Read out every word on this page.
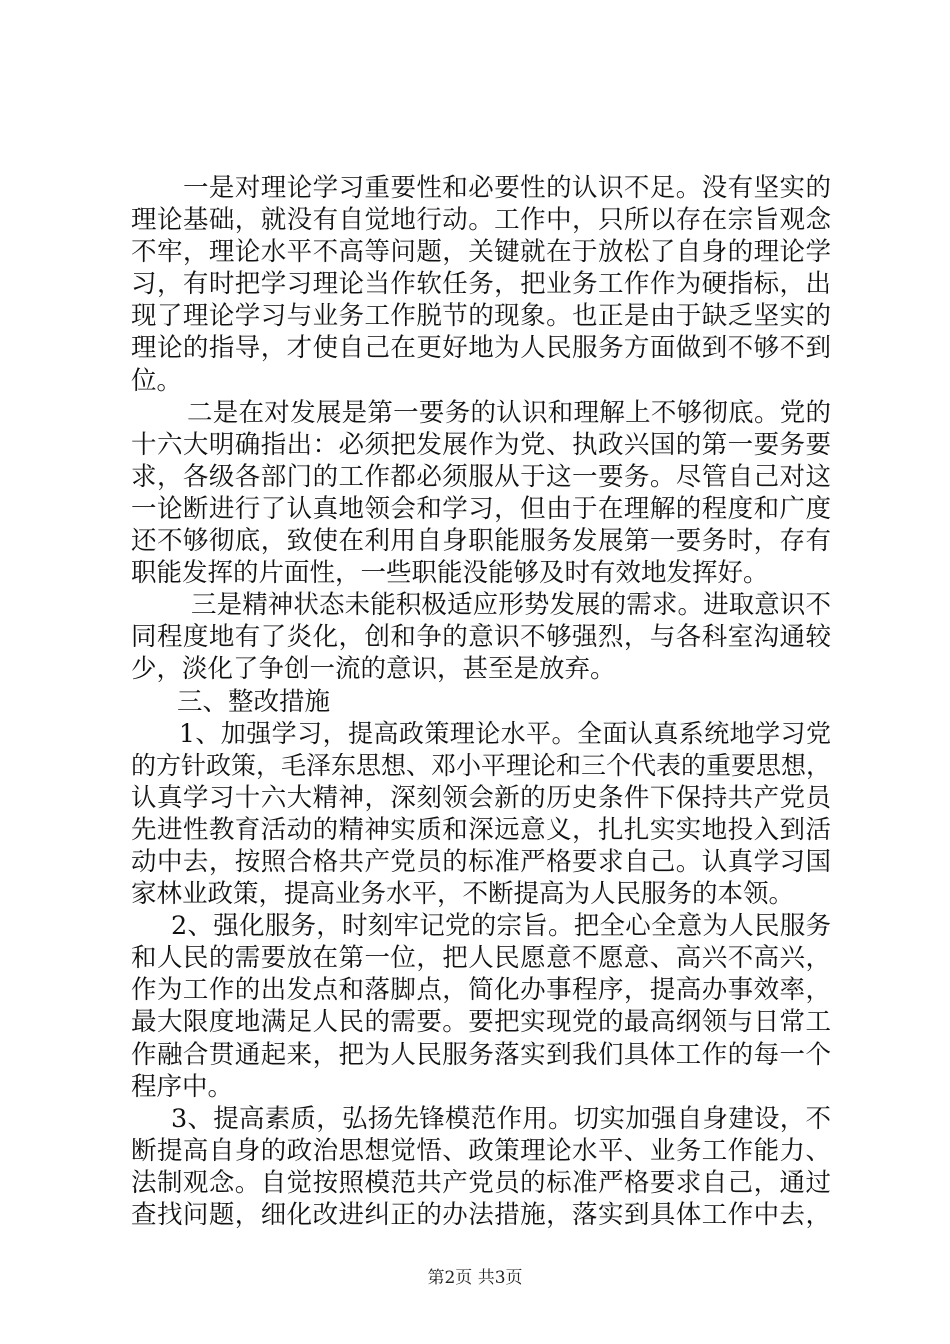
一是对理论学习重要性和必要性的认识不足。没有坚实的
理论基础，就没有自觉地行动。工作中，只所以存在宗旨观念
不牢，理论水平不高等问题，关键就在于放松了自身的理论学
习，有时把学习理论当作软任务，把业务工作作为硬指标，出
现了理论学习与业务工作脱节的现象。也正是由于缺乏坚实的
理论的指导，才使自己在更好地为人民服务方面做到不够不到
位。
二是在对发展是第一要务的认识和理解上不够彻底。党的
十六大明确指出：必须把发展作为党、执政兴国的第一要务要
求，各级各部门的工作都必须服从于这一要务。尽管自己对这
一论断进行了认真地领会和学习，但由于在理解的程度和广度
还不够彻底，致使在利用自身职能服务发展第一要务时，存有
职能发挥的片面性，一些职能没能够及时有效地发挥好。
三是精神状态未能积极适应形势发展的需求。进取意识不
同程度地有了炎化，创和争的意识不够强烈，与各科室沟通较
少，淡化了争创一流的意识，甚至是放弃。
三、整改措施
1、加强学习，提高政策理论水平。全面认真系统地学习党
的方针政策，毛泽东思想、邓小平理论和三个代表的重要思想，
认真学习十六大精神，深刻领会新的历史条件下保持共产党员
先进性教育活动的精神实质和深远意义，扎扎实实地投入到活
动中去，按照合格共产党员的标准严格要求自己。认真学习国
家林业政策，提高业务水平，不断提高为人民服务的本领。
2、强化服务，时刻牢记党的宗旨。把全心全意为人民服务
和人民的需要放在第一位，把人民愿意不愿意、高兴不高兴，
作为工作的出发点和落脚点，简化办事程序，提高办事效率，
最大限度地满足人民的需要。要把实现党的最高纲领与日常工
作融合贯通起来，把为人民服务落实到我们具体工作的每一个
程序中。
3、提高素质，弘扬先锋模范作用。切实加强自身建设，不
断提高自身的政治思想觉悟、政策理论水平、业务工作能力、
法制观念。自觉按照模范共产党员的标准严格要求自己，通过
查找问题，细化改进纠正的办法措施，落实到具体工作中去，
第2页 共3页
